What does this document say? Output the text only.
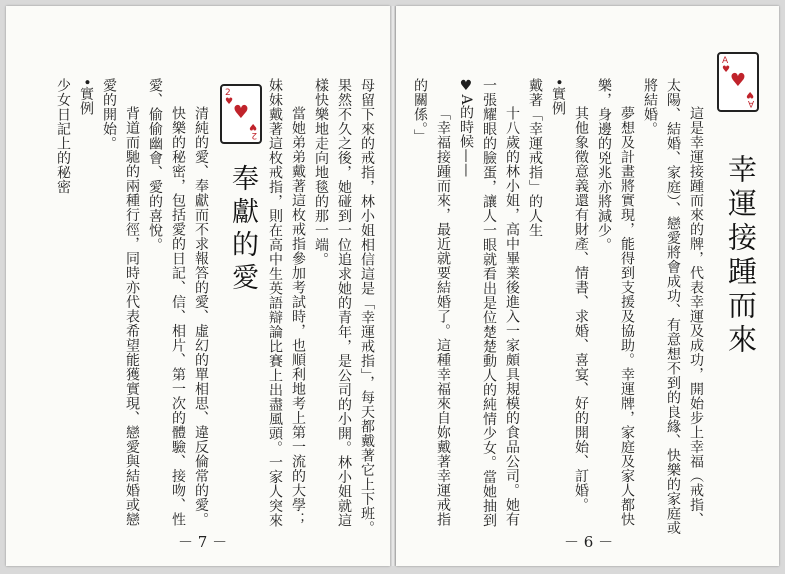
母留下來的戒指，林小姐相信這是「幸運戒指」，每天都戴著它上下班。果然不久之後，她碰到一位追求她的青年，是公司的小開。林小姐就這樣快樂地走向地毯的那一端。

當她弟弟戴著這枚戒指參加考試時，也順利地考上第一流的大學；妹妹戴著這枚戒指，則在高中生英語辯論比賽上出盡風頭。一家人突來

2
♥ ♥
2
♥
奉獻的愛

清純的愛、奉獻而不求報答的愛、虛幻的單相思、違反倫常的愛。

快樂的秘密，包括愛的日記、信、相片、第一次的體驗、接吻、性愛、偷偷幽會、愛的喜悅。

背道而馳的兩種行徑，同時亦代表希望能獲實現、戀愛與結婚或戀愛的開始。

•實例
少女日記上的秘密
－ 7 －
A
♥ ♥
A
♥
幸運接踵而來

這是幸運接踵而來的牌，代表幸運及成功，開始步上幸福（戒指、太陽、結婚、家庭）、戀愛將會成功、有意想不到的良緣、快樂的家庭或將結婚。

夢想及計畫將實現，能得到支援及協助。幸運牌，家庭及家人都快樂，身邊的兇兆亦將減少。

其他象徵意義還有財產、情書、求婚、喜宴、好的開始、訂婚。

•實例
戴著「幸運戒指」的人生

十八歲的林小姐，高中畢業後進入一家頗具規模的食品公司。她有一張耀眼的臉蛋，讓人一眼就看出是位楚楚動人的純情少女。當她抽到♥A的時候——

「幸福接踵而來，最近就要結婚了。這種幸福來自妳戴著幸運戒指的關係。」

－ 6 －
